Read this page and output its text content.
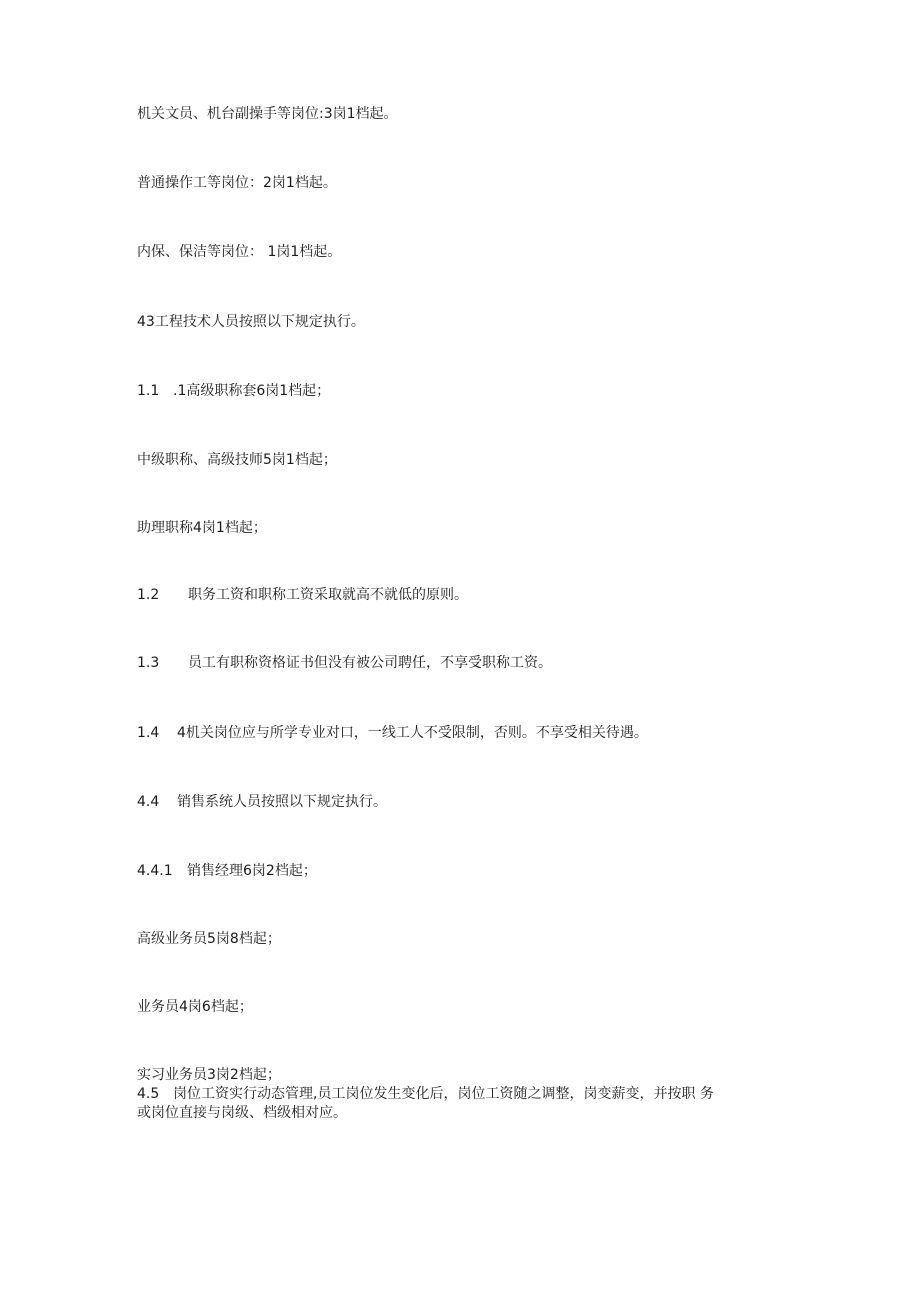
机关文员、机台副操手等岗位:3岗1档起。
普通操作工等岗位：2岗1档起。
内保、保洁等岗位： 1岗1档起。
43工程技术人员按照以下规定执行。
1.1 .1高级职称套6岗1档起；
中级职称、高级技师5岗1档起；
助理职称4岗1档起；
1.2 职务工资和职称工资采取就高不就低的原则。
1.3 员工有职称资格证书但没有被公司聘任，不享受职称工资。
1.4 4机关岗位应与所学专业对口，一线工人不受限制，否则。不享受相关待遇。
4.4 销售系统人员按照以下规定执行。
4.4.1 销售经理6岗2档起；
高级业务员5岗8档起；
业务员4岗6档起；
实习业务员3岗2档起；
4.5 岗位工资实行动态管理,员工岗位发生变化后，岗位工资随之调整，岗变薪变，并按职 务
或岗位直接与岗级、档级相对应。
